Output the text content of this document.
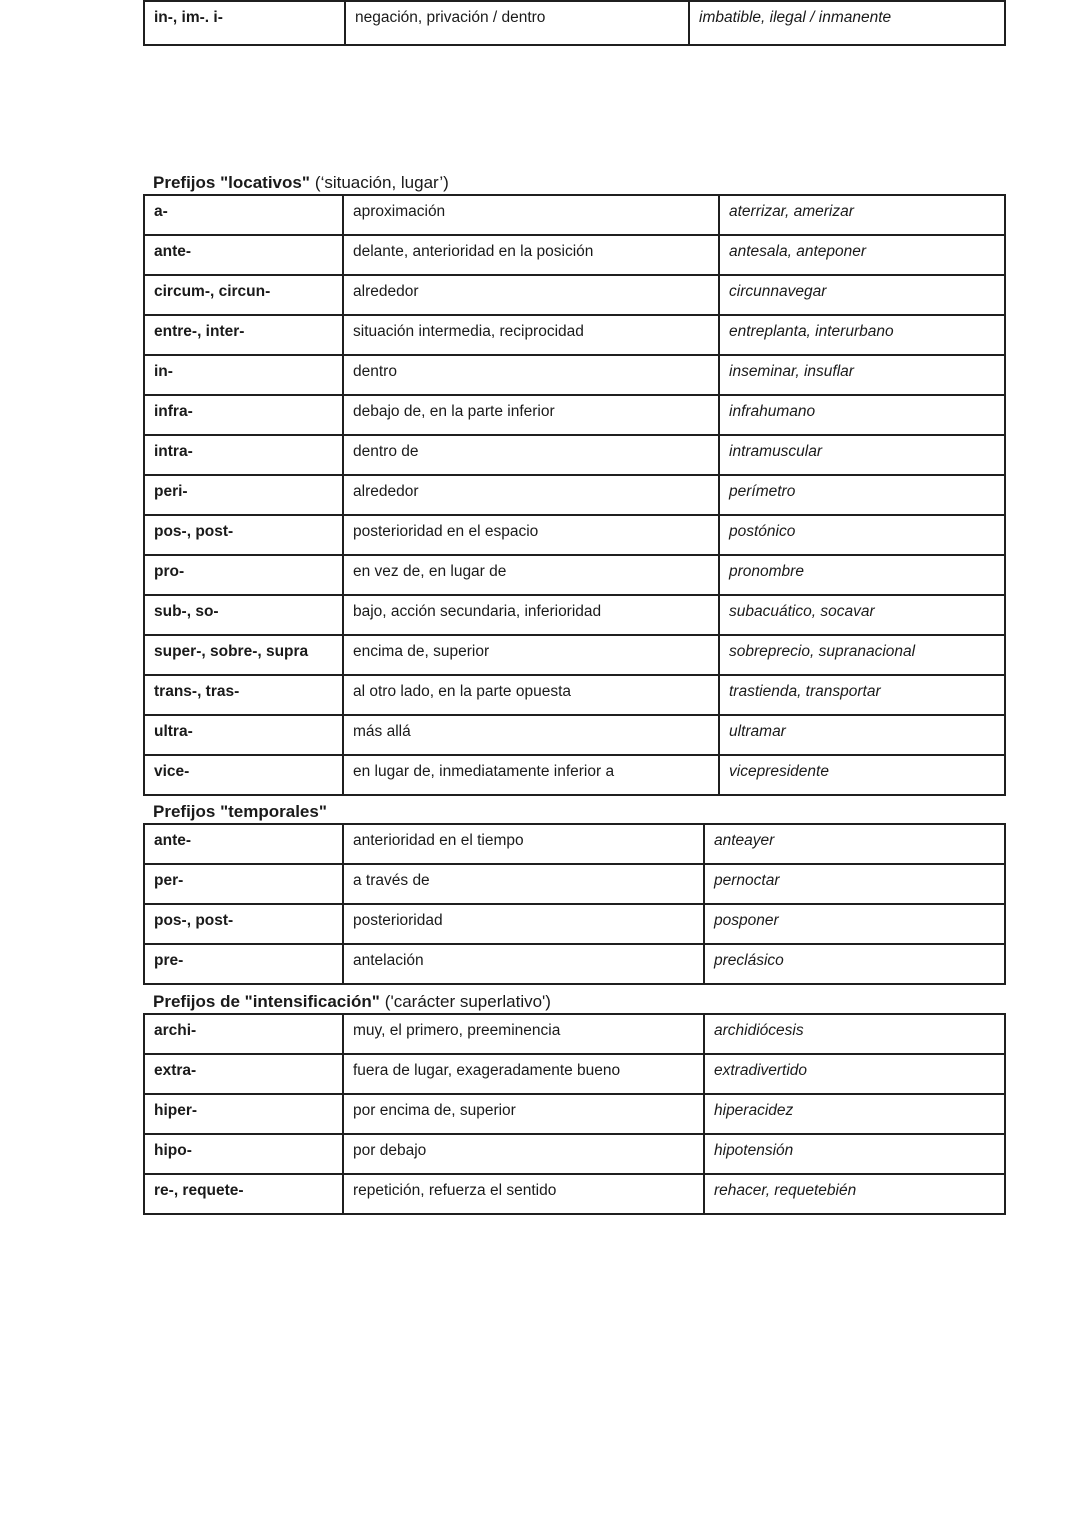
in-, im-. i-	negación, privación / dentro	imbatible, ilegal / inmanente

Prefijos "locativos" (‘situación, lugar’)

a-	aproximación	aterrizar, amerizar
ante-	delante, anterioridad en la posición	antesala, anteponer
circum-, circun-	alrededor	circunnavegar
entre-, inter-	situación intermedia, reciprocidad	entreplanta, interurbano
in-	dentro	inseminar, insuflar
infra-	debajo de, en la parte inferior	infrahumano
intra-	dentro de	intramuscular
peri-	alrededor	perímetro
pos-, post-	posterioridad en el espacio	postónico
pro-	en vez de, en lugar de	pronombre
sub-, so-	bajo, acción secundaria, inferioridad	subacuático, socavar
super-, sobre-, supra	encima de, superior	sobreprecio, supranacional
trans-, tras-	al otro lado, en la parte opuesta	trastienda, transportar
ultra-	más allá	ultramar
vice-	en lugar de, inmediatamente inferior a	vicepresidente

Prefijos "temporales"

ante-	anterioridad en el tiempo	anteayer
per-	a través de	pernoctar
pos-, post-	posterioridad	posponer
pre-	antelación	preclásico

Prefijos de "intensificación" ('carácter superlativo')

archi-	muy, el primero, preeminencia	archidiócesis
extra-	fuera de lugar, exageradamente bueno	extradivertido
hiper-	por encima de, superior	hiperacidez
hipo-	por debajo	hipotensión
re-, requete-	repetición, refuerza el sentido	rehacer, requetebién
